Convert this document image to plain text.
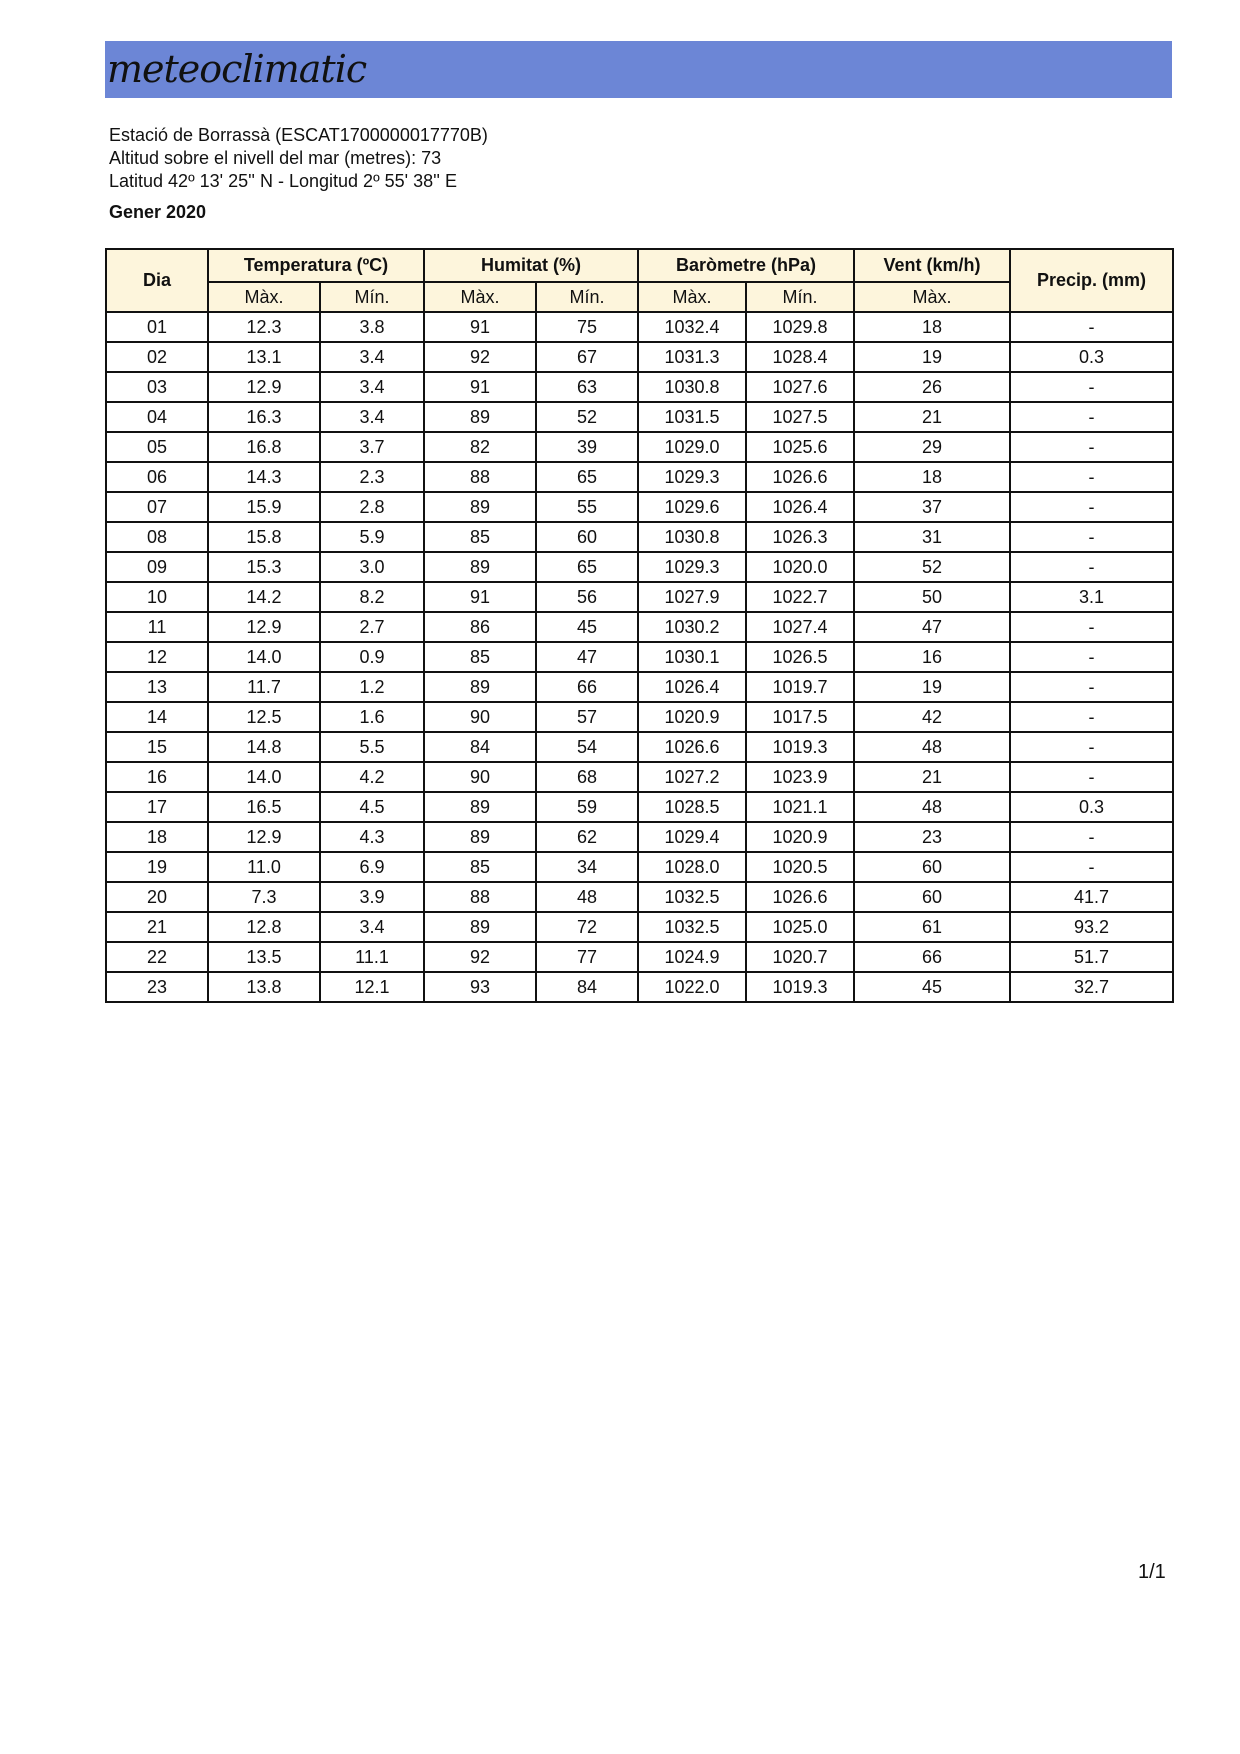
meteoclimatic
Estació de Borrassà (ESCAT1700000017770B)
Altitud sobre el nivell del mar (metres): 73
Latitud 42º 13' 25'' N - Longitud 2º 55' 38'' E
Gener 2020
Dia	Temperatura (ºC)		Humitat (%)		Baròmetre (hPa)		Vent (km/h)	Precip. (mm)
	Màx.	Mín.	Màx.	Mín.	Màx.	Mín.	Màx.	
01	12.3	3.8	91	75	1032.4	1029.8	18	-
02	13.1	3.4	92	67	1031.3	1028.4	19	0.3
03	12.9	3.4	91	63	1030.8	1027.6	26	-
04	16.3	3.4	89	52	1031.5	1027.5	21	-
05	16.8	3.7	82	39	1029.0	1025.6	29	-
06	14.3	2.3	88	65	1029.3	1026.6	18	-
07	15.9	2.8	89	55	1029.6	1026.4	37	-
08	15.8	5.9	85	60	1030.8	1026.3	31	-
09	15.3	3.0	89	65	1029.3	1020.0	52	-
10	14.2	8.2	91	56	1027.9	1022.7	50	3.1
11	12.9	2.7	86	45	1030.2	1027.4	47	-
12	14.0	0.9	85	47	1030.1	1026.5	16	-
13	11.7	1.2	89	66	1026.4	1019.7	19	-
14	12.5	1.6	90	57	1020.9	1017.5	42	-
15	14.8	5.5	84	54	1026.6	1019.3	48	-
16	14.0	4.2	90	68	1027.2	1023.9	21	-
17	16.5	4.5	89	59	1028.5	1021.1	48	0.3
18	12.9	4.3	89	62	1029.4	1020.9	23	-
19	11.0	6.9	85	34	1028.0	1020.5	60	-
20	7.3	3.9	88	48	1032.5	1026.6	60	41.7
21	12.8	3.4	89	72	1032.5	1025.0	61	93.2
22	13.5	11.1	92	77	1024.9	1020.7	66	51.7
23	13.8	12.1	93	84	1022.0	1019.3	45	32.7
1/1
